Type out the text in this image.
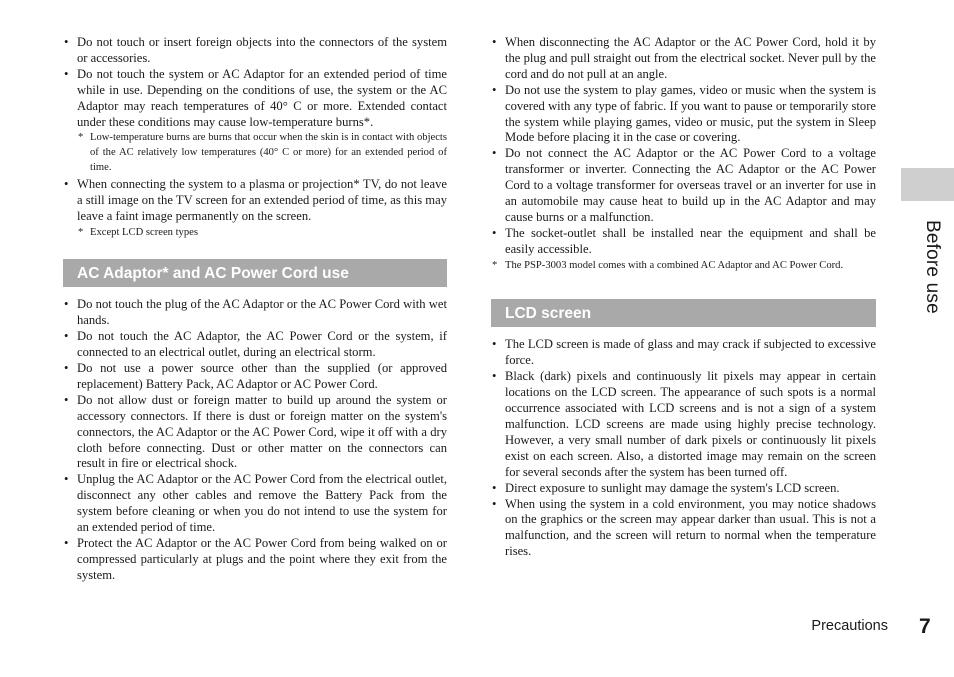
• Do not touch or insert foreign objects into the connectors of the system or accessories.
• Do not touch the system or AC Adaptor for an extended period of time while in use. Depending on the conditions of use, the system or the AC Adaptor may reach temperatures of 40° C or more. Extended contact under these conditions may cause low-temperature burns*.
* Low-temperature burns are burns that occur when the skin is in contact with objects of the AC relatively low temperatures (40° C or more) for an extended period of time.
• When connecting the system to a plasma or projection* TV, do not leave a still image on the TV screen for an extended period of time, as this may leave a faint image permanently on the screen.
* Except LCD screen types
AC Adaptor* and AC Power Cord use
• Do not touch the plug of the AC Adaptor or the AC Power Cord with wet hands.
• Do not touch the AC Adaptor, the AC Power Cord or the system, if connected to an electrical outlet, during an electrical storm.
• Do not use a power source other than the supplied (or approved replacement) Battery Pack, AC Adaptor or AC Power Cord.
• Do not allow dust or foreign matter to build up around the system or accessory connectors. If there is dust or foreign matter on the system's connectors, the AC Adaptor or the AC Power Cord, wipe it off with a dry cloth before connecting. Dust or other matter on the connectors can result in fire or electrical shock.
• Unplug the AC Adaptor or the AC Power Cord from the electrical outlet, disconnect any other cables and remove the Battery Pack from the system before cleaning or when you do not intend to use the system for an extended period of time.
• Protect the AC Adaptor or the AC Power Cord from being walked on or compressed particularly at plugs and the point where they exit from the system.
• When disconnecting the AC Adaptor or the AC Power Cord, hold it by the plug and pull straight out from the electrical socket. Never pull by the cord and do not pull at an angle.
• Do not use the system to play games, video or music when the system is covered with any type of fabric. If you want to pause or temporarily store the system while playing games, video or music, put the system in Sleep Mode before placing it in the case or covering.
• Do not connect the AC Adaptor or the AC Power Cord to a voltage transformer or inverter. Connecting the AC Adaptor or the AC Power Cord to a voltage transformer for overseas travel or an inverter for use in an automobile may cause heat to build up in the AC Adaptor and may cause burns or a malfunction.
• The socket-outlet shall be installed near the equipment and shall be easily accessible.
* The PSP-3003 model comes with a combined AC Adaptor and AC Power Cord.
LCD screen
• The LCD screen is made of glass and may crack if subjected to excessive force.
• Black (dark) pixels and continuously lit pixels may appear in certain locations on the LCD screen. The appearance of such spots is a normal occurrence associated with LCD screens and is not a sign of a system malfunction. LCD screens are made using highly precise technology. However, a very small number of dark pixels or continuously lit pixels exist on each screen. Also, a distorted image may remain on the screen for several seconds after the system has been turned off.
• Direct exposure to sunlight may damage the system's LCD screen.
• When using the system in a cold environment, you may notice shadows on the graphics or the screen may appear darker than usual. This is not a malfunction, and the screen will return to normal when the temperature rises.
Before use
Precautions 7
